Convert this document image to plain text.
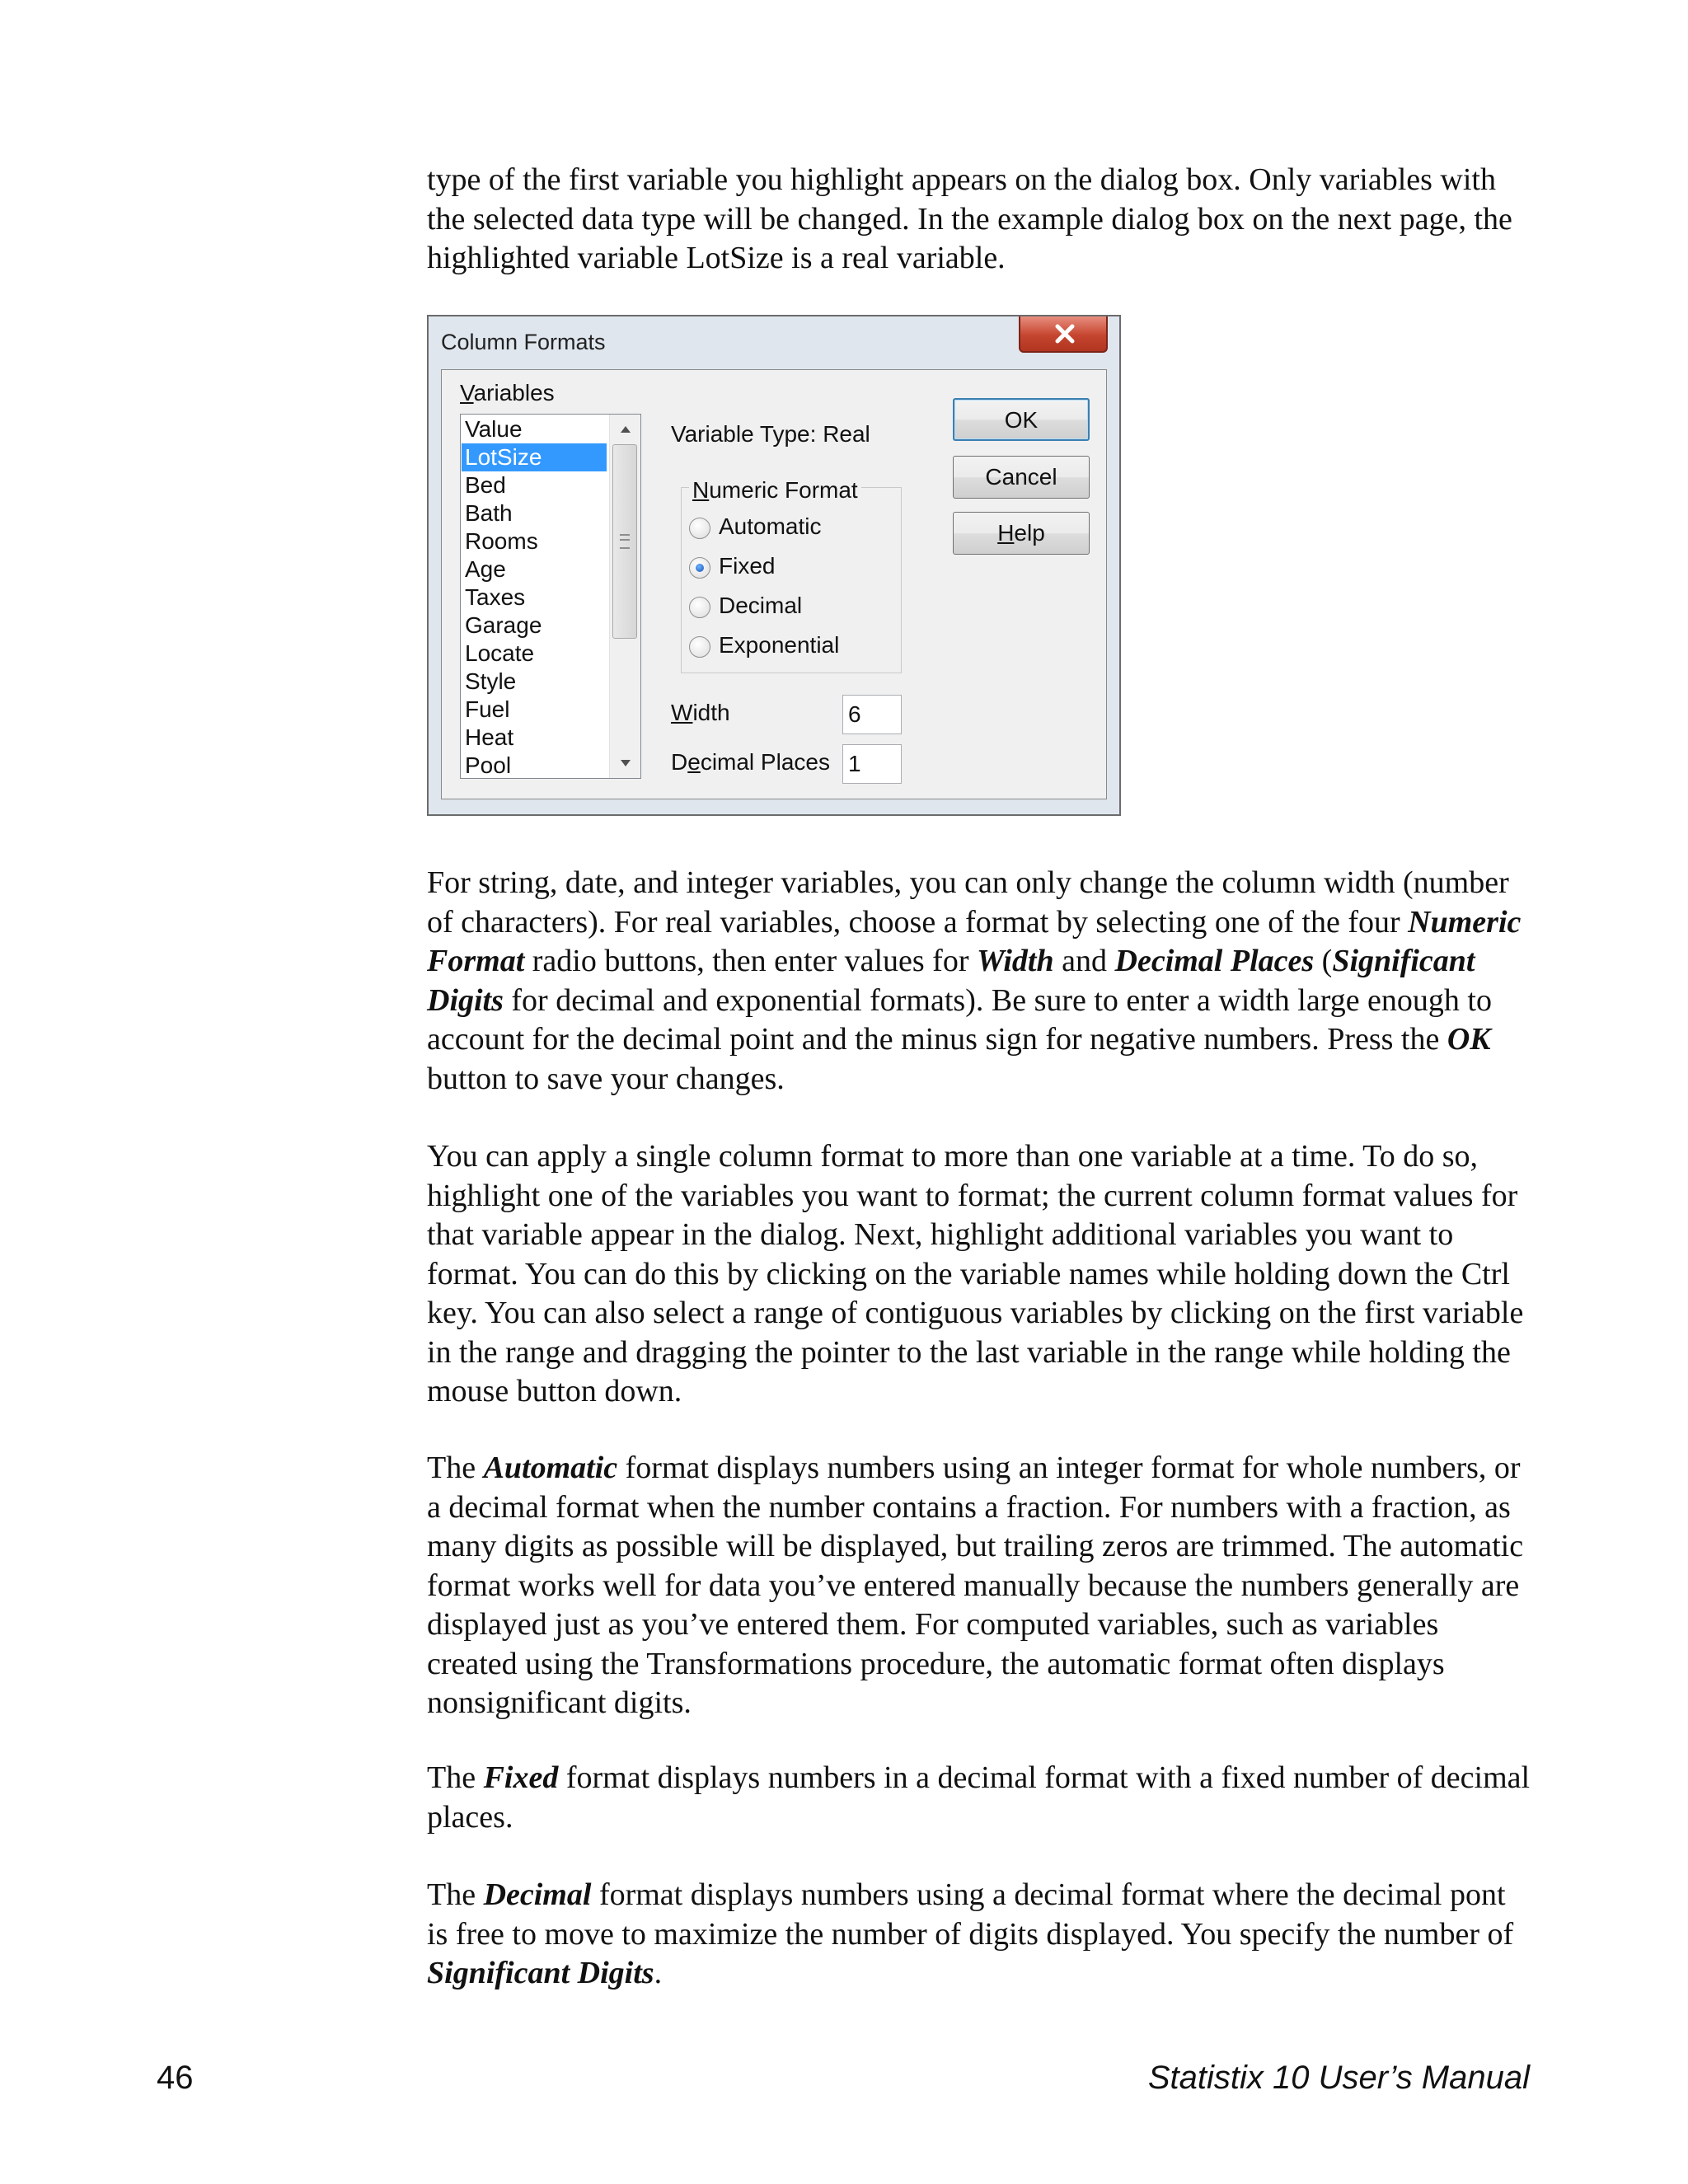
type of the first variable you highlight appears on the dialog box. Only variables with the selected data type will be changed. In the example dialog box on the next page, the highlighted variable LotSize is a real variable.

Column Formats
Variables
Value
LotSize
Bed
Bath
Rooms
Age
Taxes
Garage
Locate
Style
Fuel
Heat
Pool
Variable Type: Real
Numeric Format
Automatic
Fixed
Decimal
Exponential
Width	6
Decimal Places 1
OK
Cancel
Help

For string, date, and integer variables, you can only change the column width (number of characters). For real variables, choose a format by selecting one of the four Numeric Format radio buttons, then enter values for Width and Decimal Places (Significant Digits for decimal and exponential formats). Be sure to enter a width large enough to account for the decimal point and the minus sign for negative numbers. Press the OK button to save your changes.

You can apply a single column format to more than one variable at a time. To do so, highlight one of the variables you want to format; the current column format values for that variable appear in the dialog. Next, highlight additional variables you want to format. You can do this by clicking on the variable names while holding down the Ctrl key. You can also select a range of contiguous variables by clicking on the first variable in the range and dragging the pointer to the last variable in the range while holding the mouse button down.

The Automatic format displays numbers using an integer format for whole numbers, or a decimal format when the number contains a fraction. For numbers with a fraction, as many digits as possible will be displayed, but trailing zeros are trimmed. The automatic format works well for data you’ve entered manually because the numbers generally are displayed just as you’ve entered them. For computed variables, such as variables created using the Transformations procedure, the automatic format often displays nonsignificant digits.

The Fixed format displays numbers in a decimal format with a fixed number of decimal places.

The Decimal format displays numbers using a decimal format where the decimal pont is free to move to maximize the number of digits displayed. You specify the number of Significant Digits.

46	Statistix 10 User’s Manual
